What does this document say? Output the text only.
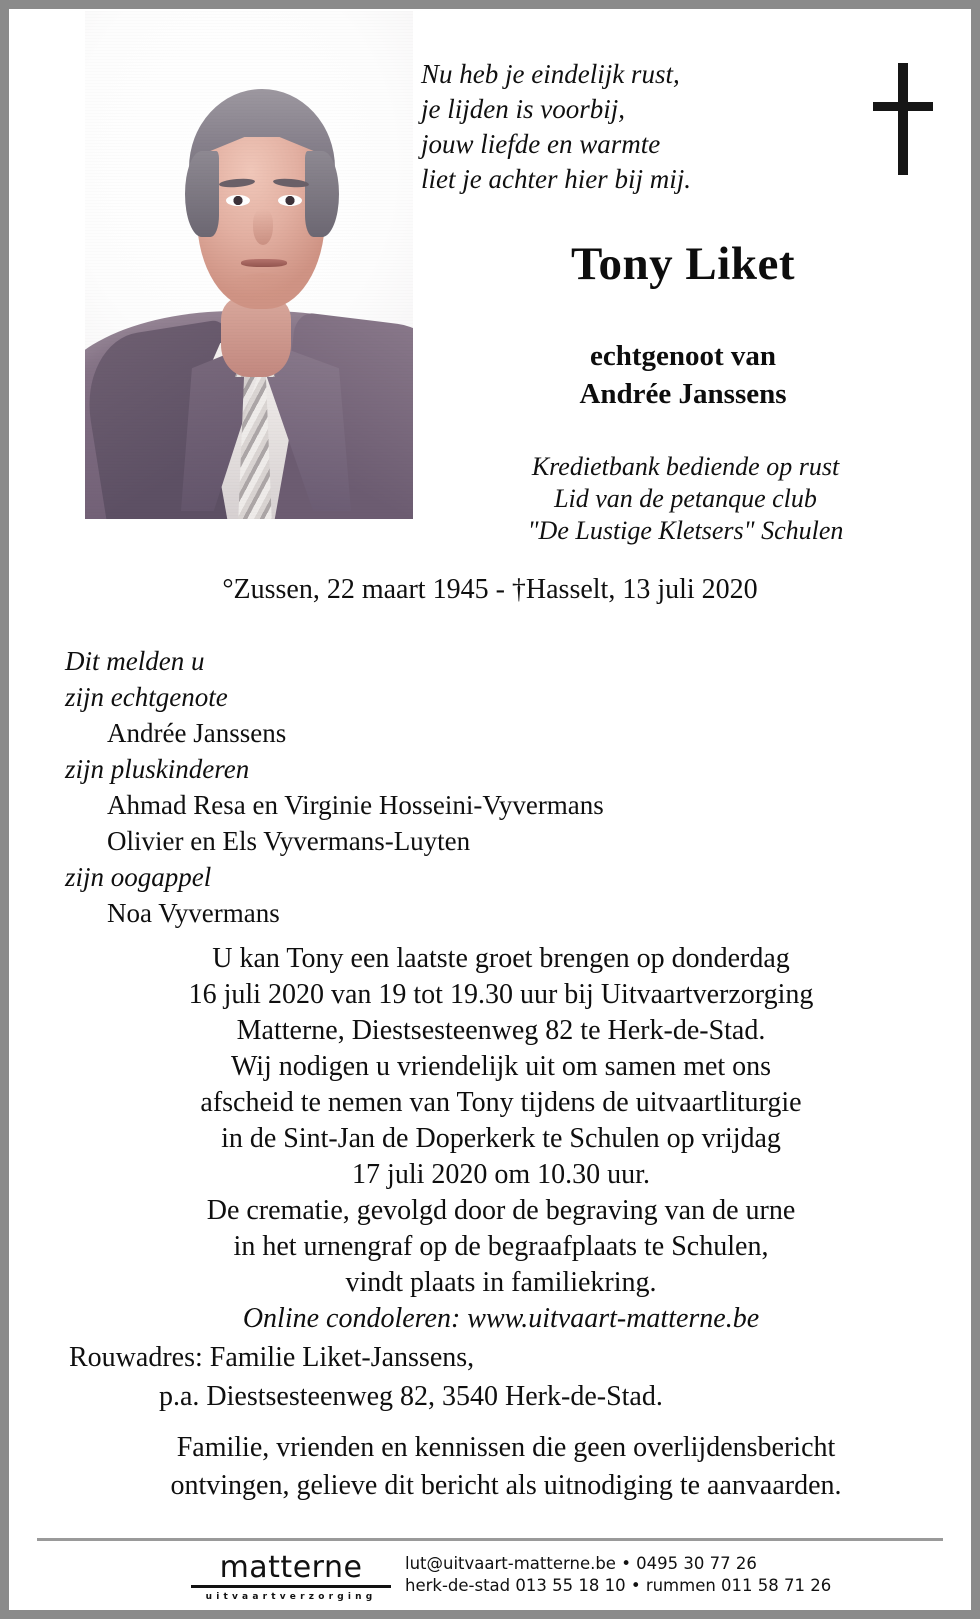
Nu heb je eindelijk rust,
je lijden is voorbij,
jouw liefde en warmte
liet je achter hier bij mij.
Tony Liket
echtgenoot van
Andrée Janssens
Kredietbank bediende op rust
Lid van de petanque club
"De Lustige Kletsers" Schulen
°Zussen, 22 maart 1945 - †Hasselt, 13 juli 2020
Dit melden u
zijn echtgenote
Andrée Janssens
zijn pluskinderen
Ahmad Resa en Virginie Hosseini-Vyvermans
Olivier en Els Vyvermans-Luyten
zijn oogappel
Noa Vyvermans
U kan Tony een laatste groet brengen op donderdag
16 juli 2020 van 19 tot 19.30 uur bij Uitvaartverzorging
Matterne, Diestsesteenweg 82 te Herk-de-Stad.
Wij nodigen u vriendelijk uit om samen met ons
afscheid te nemen van Tony tijdens de uitvaartliturgie
in de Sint-Jan de Doperkerk te Schulen op vrijdag
17 juli 2020 om 10.30 uur.
De crematie, gevolgd door de begraving van de urne
in het urnengraf op de begraafplaats te Schulen,
vindt plaats in familiekring.
Online condoleren: www.uitvaart-matterne.be
Rouwadres: Familie Liket-Janssens,
p.a. Diestsesteenweg 82, 3540 Herk-de-Stad.
Familie, vrienden en kennissen die geen overlijdensbericht
ontvingen, gelieve dit bericht als uitnodiging te aanvaarden.
matterne
uitvaartverzorging
lut@uitvaart-matterne.be • 0495 30 77 26
herk-de-stad 013 55 18 10 • rummen 011 58 71 26
